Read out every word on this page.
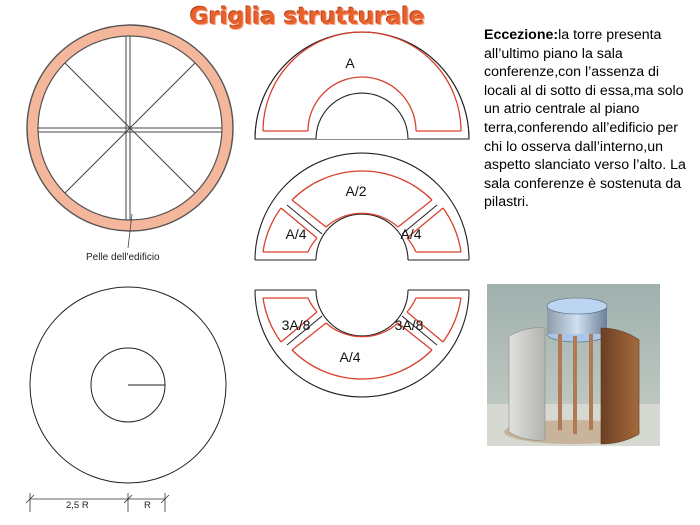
Griglia strutturale
Eccezione:la torre presenta all’ultimo piano la sala conferenze,con l’assenza di locali al di sotto di essa,ma solo un atrio centrale al piano terra,conferendo all’edificio per chi lo osserva dall’interno,un aspetto slanciato verso l’alto. La sala conferenze è sostenuta da pilastri.
Pelle dell'edificio
2,5 R	R
A
A/2
A/4	A/4
3A/8	3A/8
A/4
